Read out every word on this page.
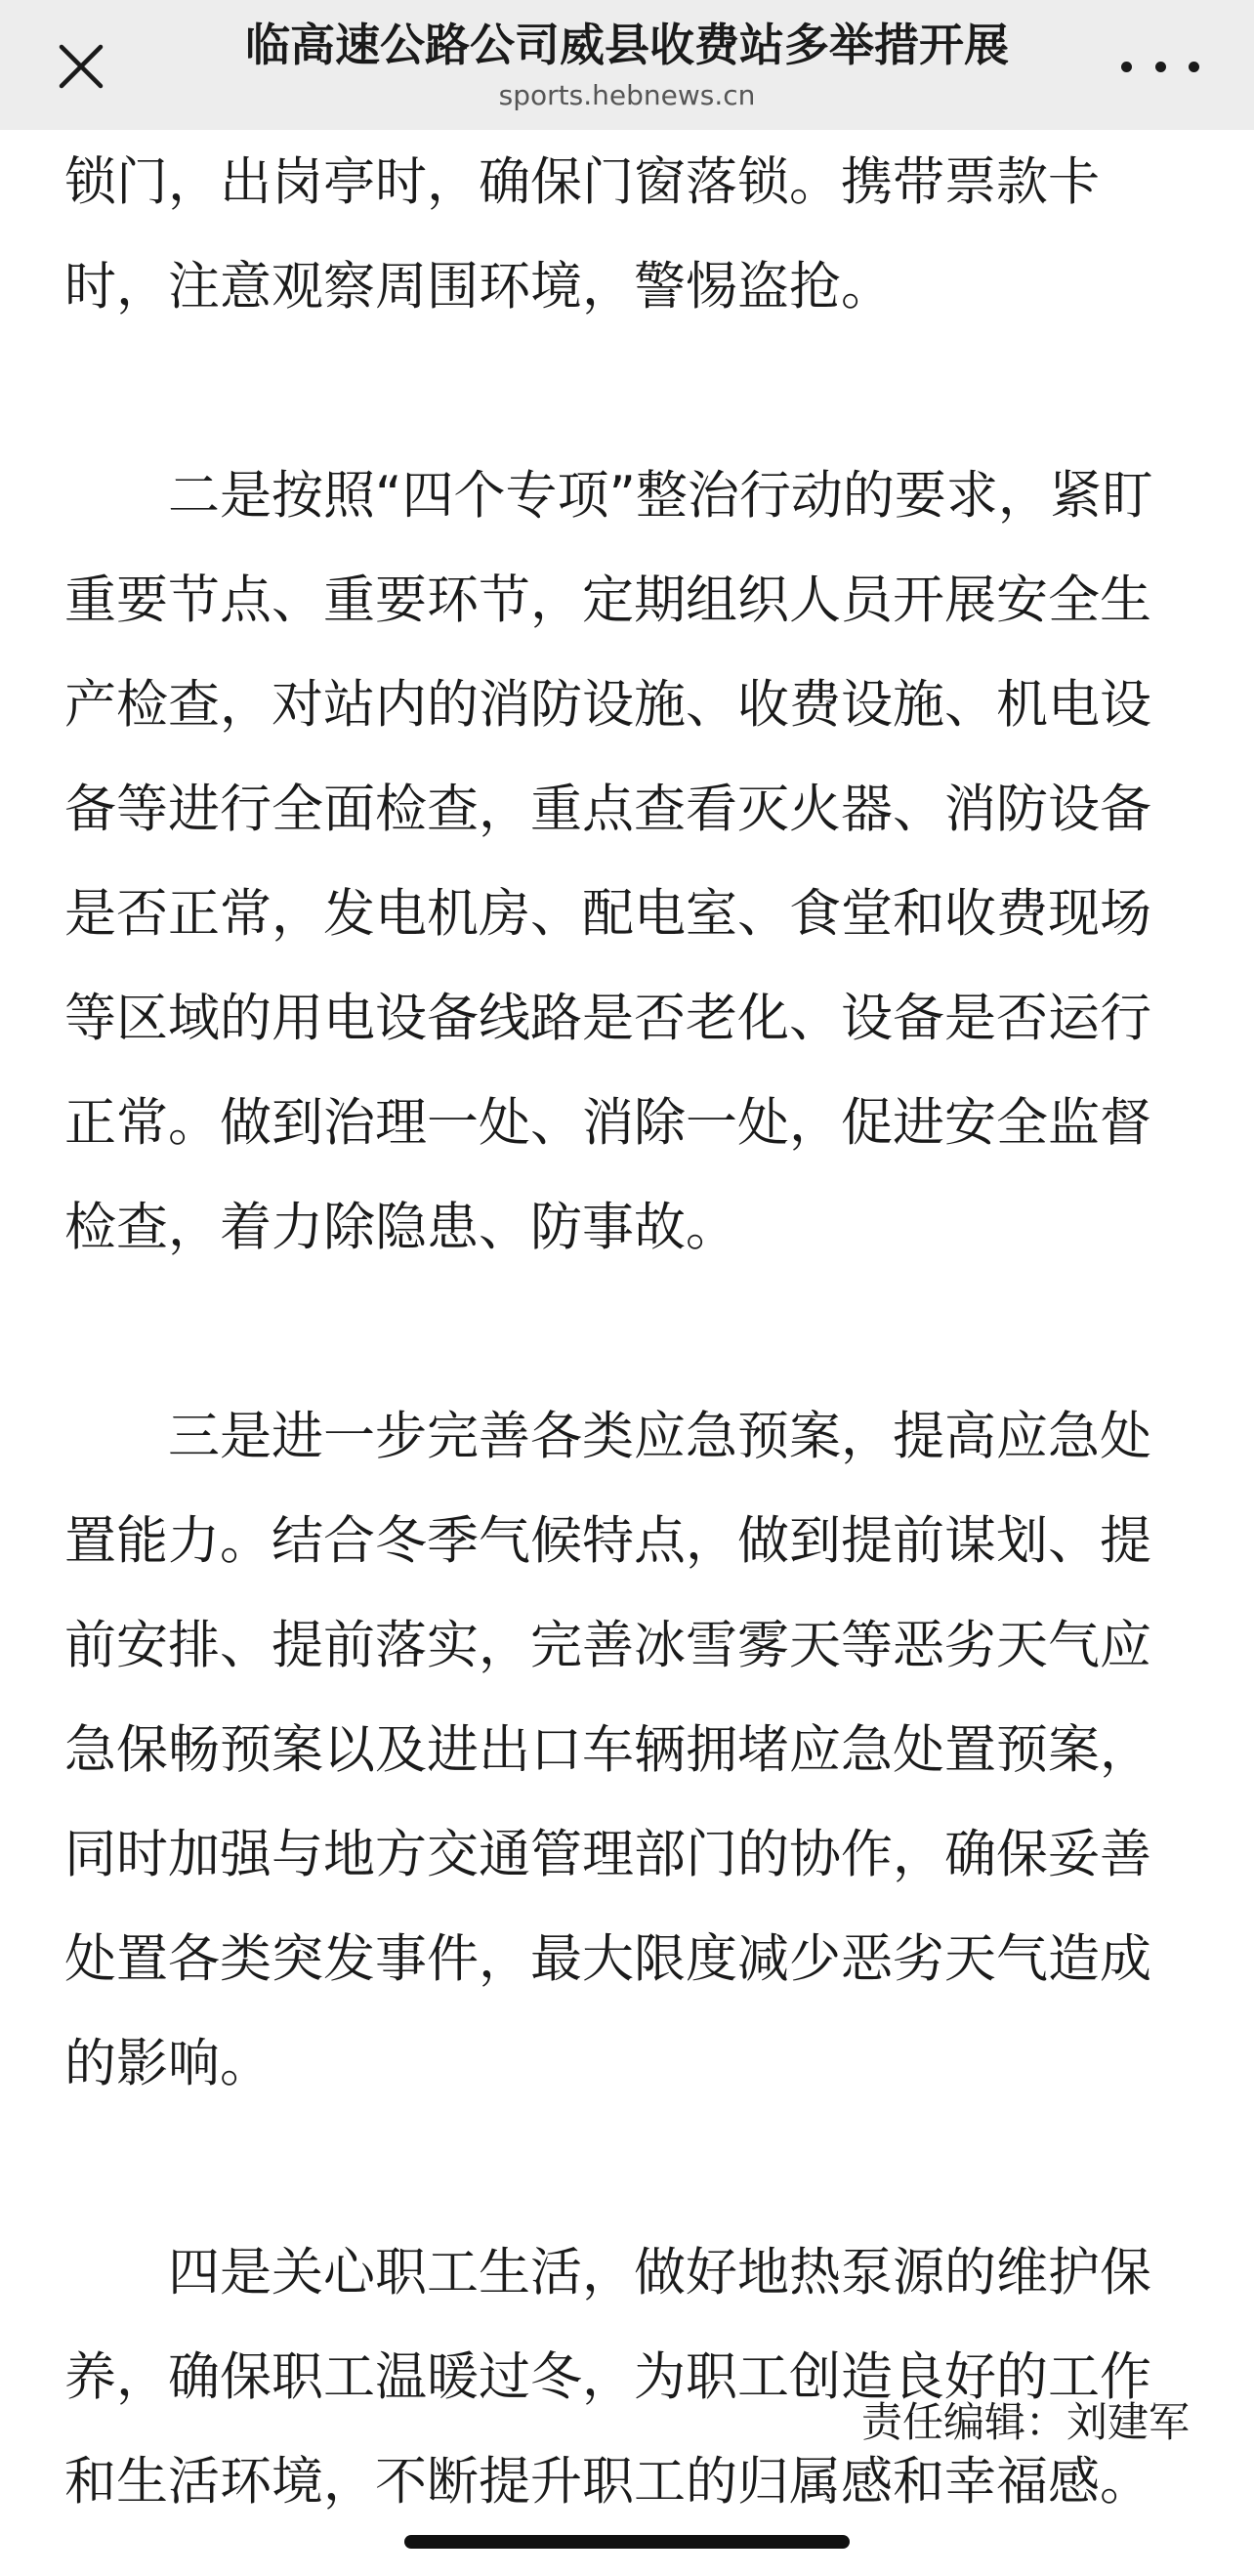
临高速公路公司威县收费站多举措开展
sports.hebnews.cn

锁门，出岗亭时，确保门窗落锁。携带票款卡时，注意观察周围环境，警惕盗抢。

二是按照“四个专项”整治行动的要求，紧盯重要节点、重要环节，定期组织人员开展安全生产检查，对站内的消防设施、收费设施、机电设备等进行全面检查，重点查看灭火器、消防设备是否正常，发电机房、配电室、食堂和收费现场等区域的用电设备线路是否老化、设备是否运行正常。做到治理一处、消除一处，促进安全监督检查，着力除隐患、防事故。

三是进一步完善各类应急预案，提高应急处置能力。结合冬季气候特点，做到提前谋划、提前安排、提前落实，完善冰雪雾天等恶劣天气应急保畅预案以及进出口车辆拥堵应急处置预案，同时加强与地方交通管理部门的协作，确保妥善处置各类突发事件，最大限度减少恶劣天气造成的影响。

四是关心职工生活，做好地热泵源的维护保养，确保职工温暖过冬，为职工创造良好的工作和生活环境，不断提升职工的归属感和幸福感。

责任编辑：刘建军
